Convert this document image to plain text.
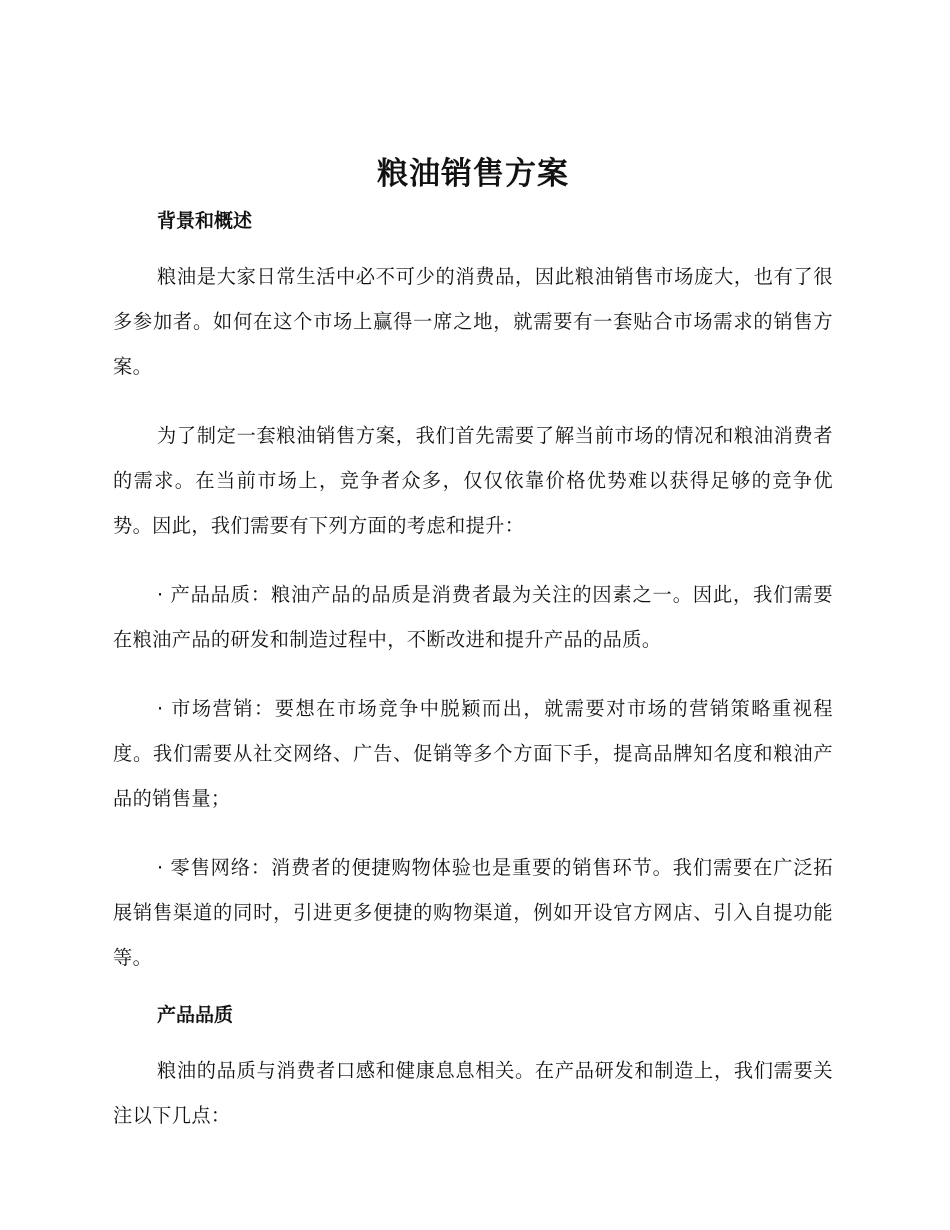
粮油销售方案
背景和概述

粮油是大家日常生活中必不可少的消费品，因此粮油销售市场庞大，也有了很多参加者。如何在这个市场上赢得一席之地，就需要有一套贴合市场需求的销售方案。

为了制定一套粮油销售方案，我们首先需要了解当前市场的情况和粮油消费者的需求。在当前市场上，竞争者众多，仅仅依靠价格优势难以获得足够的竞争优势。因此，我们需要有下列方面的考虑和提升：

· 产品品质：粮油产品的品质是消费者最为关注的因素之一。因此，我们需要在粮油产品的研发和制造过程中，不断改进和提升产品的品质。

· 市场营销：要想在市场竞争中脱颖而出，就需要对市场的营销策略重视程度。我们需要从社交网络、广告、促销等多个方面下手，提高品牌知名度和粮油产品的销售量；

· 零售网络：消费者的便捷购物体验也是重要的销售环节。我们需要在广泛拓展销售渠道的同时，引进更多便捷的购物渠道，例如开设官方网店、引入自提功能等。

产品品质

粮油的品质与消费者口感和健康息息相关。在产品研发和制造上，我们需要关注以下几点：
